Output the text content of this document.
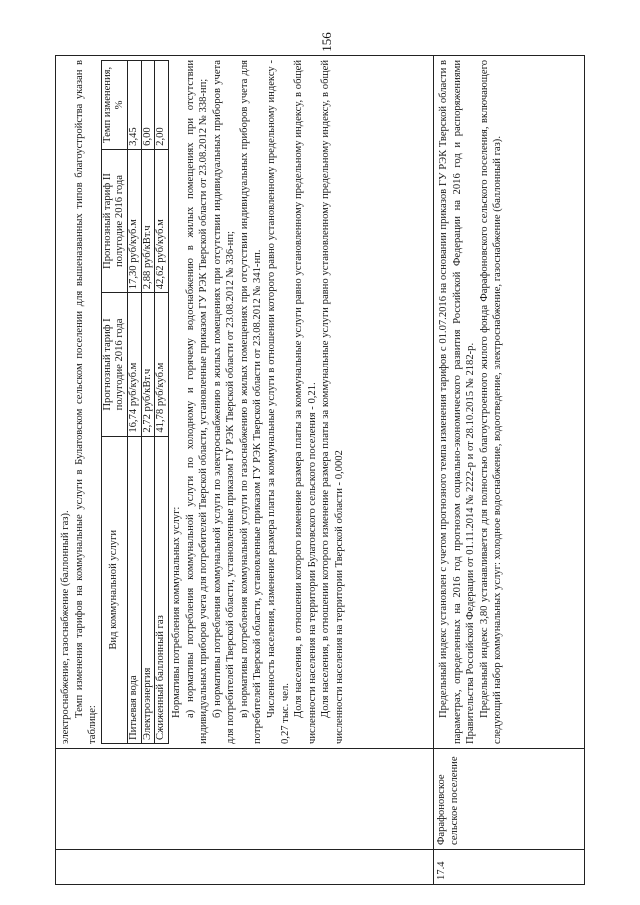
156

электроснабжение, газоснабжение (баллонный газ). Темп изменения тарифов на коммунальные услуги в Булатовском сельском поселении для вышеназванных типов благоустройства указан в таблице:

Вид коммунальной услуги	Прогнозный тариф I полугодие 2016 года	Прогнозный тариф II полугодие 2016 года	Темп изменения, %
Питьевая вода	16,74 руб/куб.м	17,30 руб/куб.м	3,45
Электроэнергия	2,72 руб/кВт.ч	2,88 руб/кВт.ч	6,00
Сжиженный баллонный газ	41,78 руб/куб.м	42,62 руб/куб.м	2,00

Нормативы потребления коммунальных услуг: а) нормативы потребления коммунальной услуги по холодному и горячему водоснабжению в жилых помещениях при отсутствии индивидуальных приборов учета для потребителей Тверской области, установленные приказом ГУ РЭК Тверской области от 23.08.2012 № 338-нп; б) нормативы потребления коммунальной услуги по электроснабжению в жилых помещениях при отсутствии индивидуальных приборов учета для потребителей Тверской области, установленные приказом ГУ РЭК Тверской области от 23.08.2012 № 336-нп; в) нормативы потребления коммунальной услуги по газоснабжению в жилых помещениях при отсутствии индивидуальных приборов учета для потребителей Тверской области, установленные приказом ГУ РЭК Тверской области от 23.08.2012 № 341-нп. Численность населения, изменение размера платы за коммунальные услуги в отношении которого равно установленному предельному индексу - 0,27 тыс. чел. Доля населения, в отношении которого изменение размера платы за коммунальные услуги равно установленному предельному индексу, в общей численности населения на территории Булатовского сельского поселения - 0,21. Доля населения, в отношении которого изменение размера платы за коммунальные услуги равно установленному предельному индексу, в общей численности населения на территории Тверской области - 0,0002

17.4
Фарафоновское сельское поселение

Предельный индекс установлен с учетом прогнозного темпа изменения тарифов с 01.07.2016 на основании приказов ГУ РЭК Тверской области в параметрах, определенных на 2016 год прогнозом социально-экономического развития Российской Федерации на 2016 год и распоряжениями Правительства Российской Федерации от 01.11.2014 № 2222-р и от 28.10.2015 № 2182-р. Предельный индекс 3,80 устанавливается для полностью благоустроенного жилого фонда Фарафоновского сельского поселения, включающего следующий набор коммунальных услуг: холодное водоснабжение, водоотведение, электроснабжение, газоснабжение (баллонный газ).
